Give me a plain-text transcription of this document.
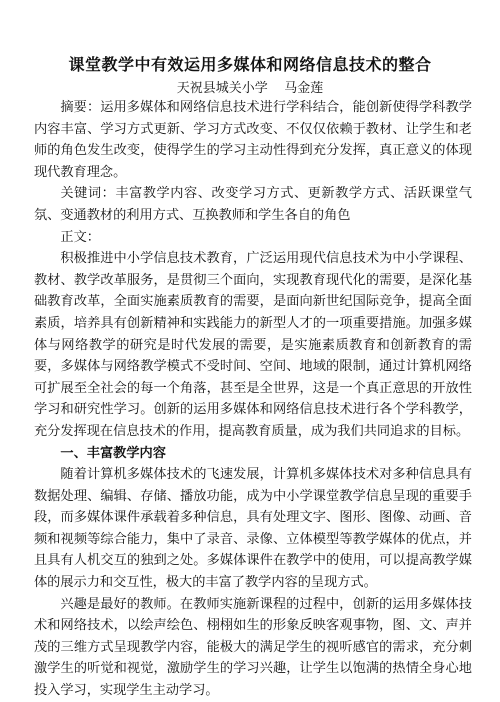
课堂教学中有效运用多媒体和网络信息技术的整合
天祝县城关小学    马金莲

摘要：运用多媒体和网络信息技术进行学科结合，能创新使得学科教学内容丰富、学习方式更新、学习方式改变、不仅仅依赖于教材、让学生和老师的角色发生改变，使得学生的学习主动性得到充分发挥，真正意义的体现现代教育理念。

关键词：丰富教学内容、改变学习方式、更新教学方式、活跃课堂气氛、变通教材的利用方式、互换教师和学生各自的角色

正文：

积极推进中小学信息技术教育，广泛运用现代信息技术为中小学课程、教材、教学改革服务，是贯彻三个面向，实现教育现代化的需要，是深化基础教育改革，全面实施素质教育的需要，是面向新世纪国际竞争，提高全面素质，培养具有创新精神和实践能力的新型人才的一项重要措施。加强多媒体与网络教学的研究是时代发展的需要，是实施素质教育和创新教育的需要，多媒体与网络教学模式不受时间、空间、地域的限制，通过计算机网络可扩展至全社会的每一个角落，甚至是全世界，这是一个真正意思的开放性学习和研究性学习。创新的运用多媒体和网络信息技术进行各个学科教学，充分发挥现在信息技术的作用，提高教育质量，成为我们共同追求的目标。

一、丰富教学内容

随着计算机多媒体技术的飞速发展，计算机多媒体技术对多种信息具有数据处理、编辑、存储、播放功能，成为中小学课堂教学信息呈现的重要手段，而多媒体课件承载着多种信息，具有处理文字、图形、图像、动画、音频和视频等综合能力，集中了录音、录像、立体模型等教学媒体的优点，并且具有人机交互的独到之处。多媒体课件在教学中的使用，可以提高教学媒体的展示力和交互性，极大的丰富了教学内容的呈现方式。

兴趣是最好的教师。在教师实施新课程的过程中，创新的运用多媒体技术和网络技术，以绘声绘色、栩栩如生的形象反映客观事物，图、文、声并茂的三维方式呈现教学内容，能极大的满足学生的视听感官的需求，充分刺激学生的听觉和视觉，激励学生的学习兴趣，让学生以饱满的热情全身心地投入学习，实现学生主动学习。
